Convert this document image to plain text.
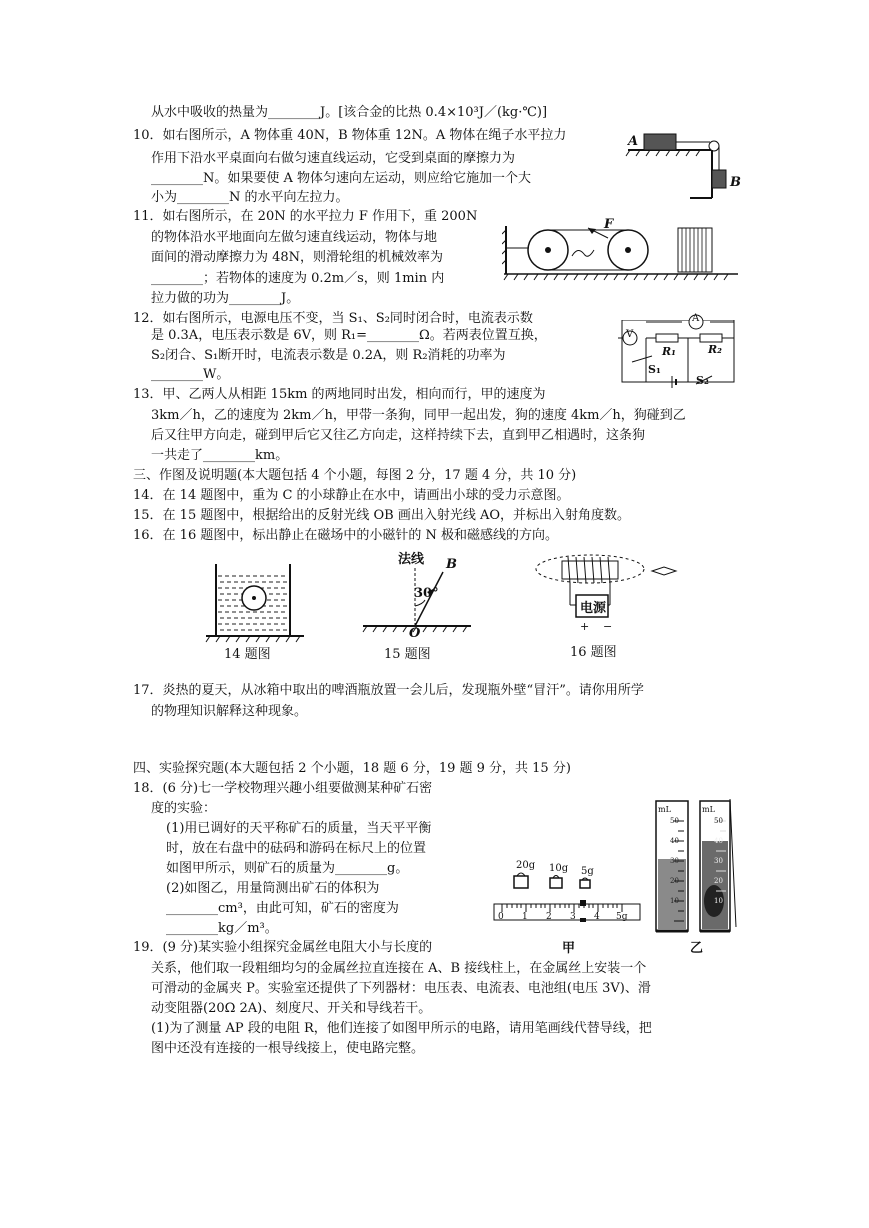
从水中吸收的热量为________J。[该合金的比热 0.4×10³J／(kg·℃)]
10．如右图所示，A 物体重 40N，B 物体重 12N。A 物体在绳子水平拉力
作用下沿水平桌面向右做匀速直线运动，它受到桌面的摩擦力为
________N。如果要使 A 物体匀速向左运动，则应给它施加一个大
小为________N 的水平向左拉力。
A
B
11．如右图所示，在 20N 的水平拉力 F 作用下，重 200N
的物体沿水平地面向左做匀速直线运动，物体与地
面间的滑动摩擦力为 48N，则滑轮组的机械效率为
________；若物体的速度为 0.2m／s，则 1min 内
拉力做的功为________J。
F
12．如右图所示，电源电压不变，当 S₁、S₂同时闭合时，电流表示数
是 0.3A，电压表示数是 6V，则 R₁=________Ω。若两表位置互换，
S₂闭合、S₁断开时，电流表示数是 0.2A，则 R₂消耗的功率为
________W。
V
A
R₁	R₂
S₁
S₂
13．甲、乙两人从相距 15km 的两地同时出发，相向而行，甲的速度为
3km／h，乙的速度为 2km／h，甲带一条狗，同甲一起出发，狗的速度 4km／h，狗碰到乙
后又往甲方向走，碰到甲后它又往乙方向走，这样持续下去，直到甲乙相遇时，这条狗
一共走了________km。
三、作图及说明题(本大题包括 4 个小题，每图 2 分，17 题 4 分，共 10 分)
14．在 14 题图中，重为 C 的小球静止在水中，请画出小球的受力示意图。
15．在 15 题图中，根据给出的反射光线 OB 画出入射光线 AO，并标出入射角度数。
16．在 16 题图中，标出静止在磁场中的小磁针的 N 极和磁感线的方向。
14 题图
法线 B
30°
O
15 题图
电源
+ −
16 题图
17．炎热的夏天，从冰箱中取出的啤酒瓶放置一会儿后，发现瓶外壁“冒汗”。请你用所学
的物理知识解释这种现象。
四、实验探究题(本大题包括 2 个小题，18 题 6 分，19 题 9 分，共 15 分)
18．(6 分)七一学校物理兴趣小组要做测某种矿石密
度的实验：
(1)用已调好的天平称矿石的质量，当天平平衡
时，放在右盘中的砝码和游码在标尺上的位置
如图甲所示，则矿石的质量为________g。
(2)如图乙，用量筒测出矿石的体积为
________cm³，由此可知，矿石的密度为
________kg／m³。
20g 10g 5g
0 1 2 3 4 5g
甲
mL	mL
50
40
30
20
10
50
40
30
20
10
乙
19．(9 分)某实验小组探究金属丝电阻大小与长度的
关系，他们取一段粗细均匀的金属丝拉直连接在 A、B 接线柱上，在金属丝上安装一个
可滑动的金属夹 P。实验室还提供了下列器材：电压表、电流表、电池组(电压 3V)、滑
动变阻器(20Ω 2A)、刻度尺、开关和导线若干。
(1)为了测量 AP 段的电阻 R，他们连接了如图甲所示的电路，请用笔画线代替导线，把
图中还没有连接的一根导线接上，使电路完整。
